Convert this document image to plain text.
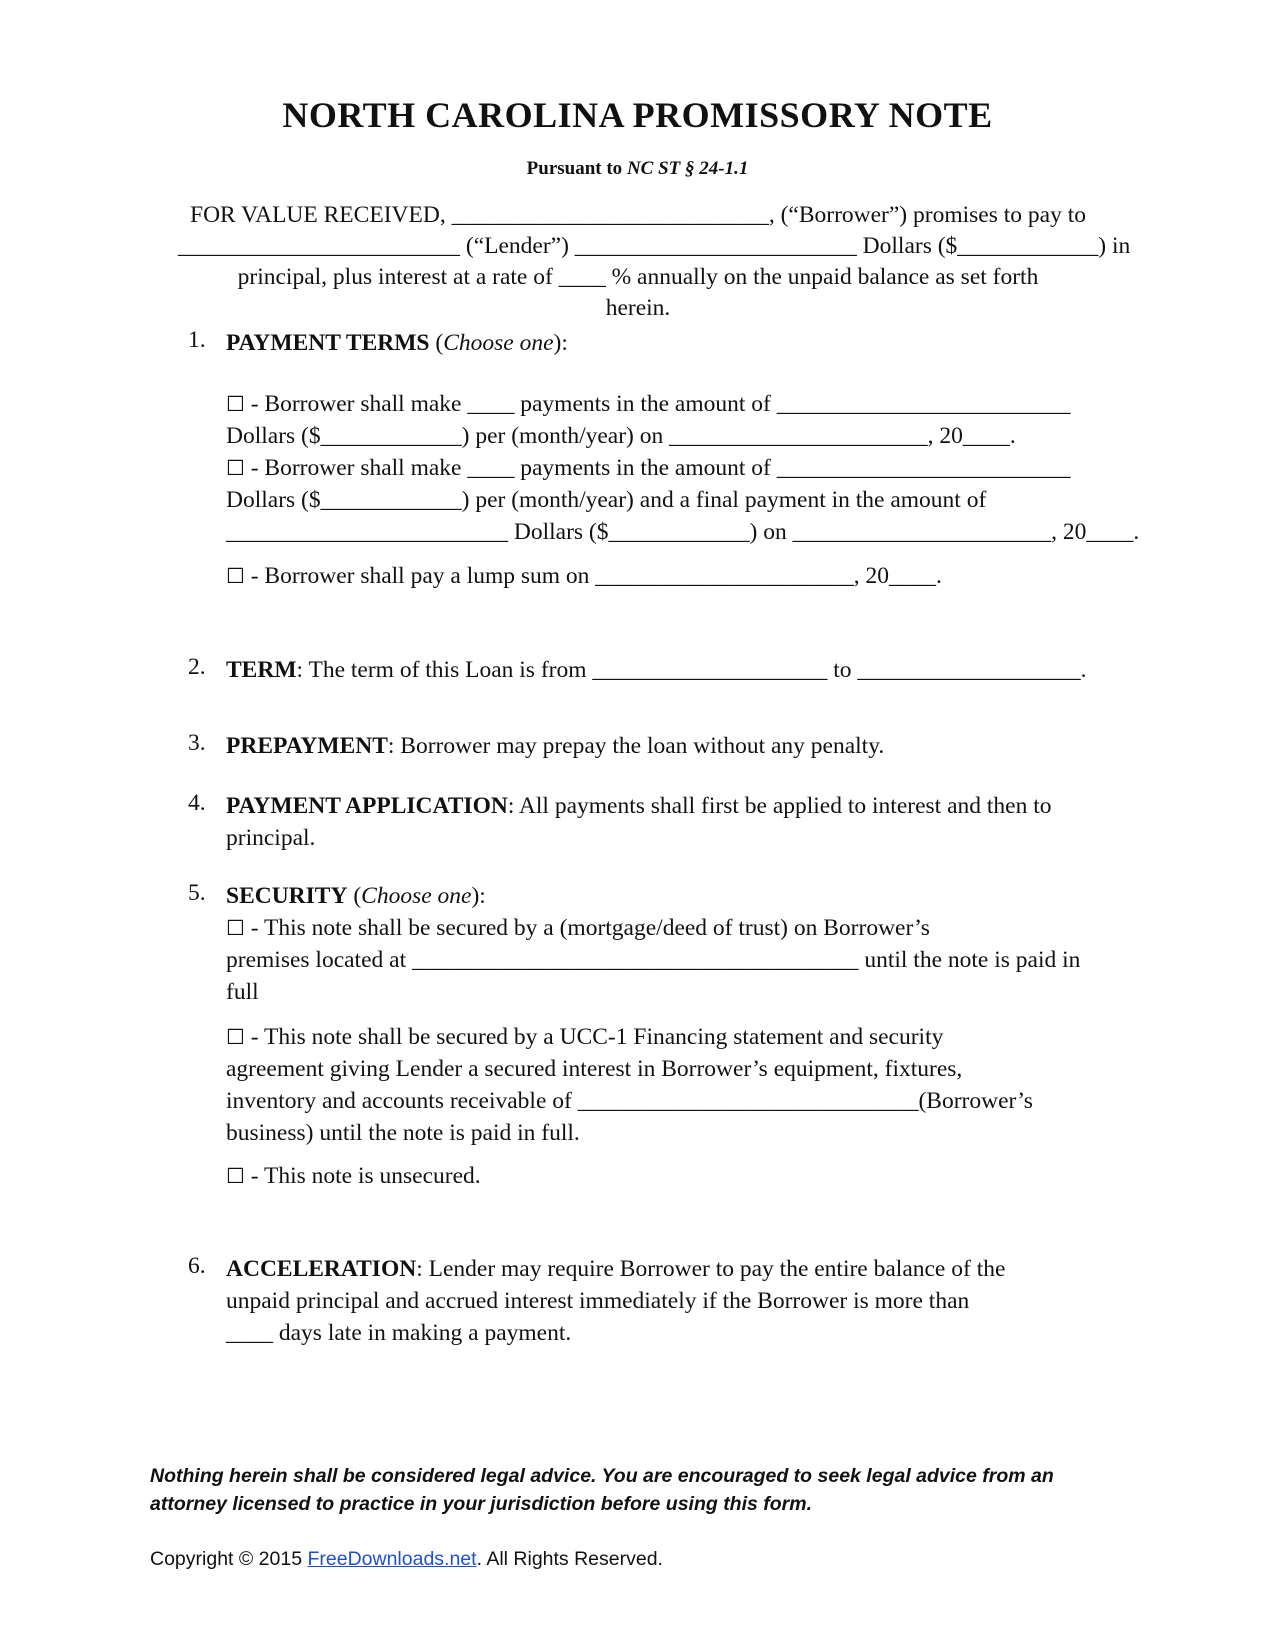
NORTH CAROLINA PROMISSORY NOTE
Pursuant to NC ST § 24-1.1
FOR VALUE RECEIVED, ___________________________, (“Borrower”) promises to pay to
________________________ (“Lender”) ________________________ Dollars ($____________) in
principal, plus interest at a rate of ____ % annually on the unpaid balance as set forth
herein.
1. PAYMENT TERMS (Choose one):
☐ - Borrower shall make ____ payments in the amount of _________________________
Dollars ($____________) per (month/year) on ______________________, 20____.
☐ - Borrower shall make ____ payments in the amount of _________________________
Dollars ($____________) per (month/year) and a final payment in the amount of
________________________ Dollars ($____________) on ______________________, 20____.
☐ - Borrower shall pay a lump sum on ______________________, 20____.
2. TERM: The term of this Loan is from ____________________ to ___________________.
3. PREPAYMENT: Borrower may prepay the loan without any penalty.
4. PAYMENT APPLICATION: All payments shall first be applied to interest and then to
principal.
5. SECURITY (Choose one):
☐ - This note shall be secured by a (mortgage/deed of trust) on Borrower’s
premises located at ______________________________________ until the note is paid in
full
☐ - This note shall be secured by a UCC-1 Financing statement and security
agreement giving Lender a secured interest in Borrower’s equipment, fixtures,
inventory and accounts receivable of _____________________________(Borrower’s
business) until the note is paid in full.
☐ - This note is unsecured.
6. ACCELERATION: Lender may require Borrower to pay the entire balance of the
unpaid principal and accrued interest immediately if the Borrower is more than
____ days late in making a payment.
Nothing herein shall be considered legal advice. You are encouraged to seek legal advice from an
attorney licensed to practice in your jurisdiction before using this form.
Copyright © 2015 FreeDownloads.net. All Rights Reserved.
